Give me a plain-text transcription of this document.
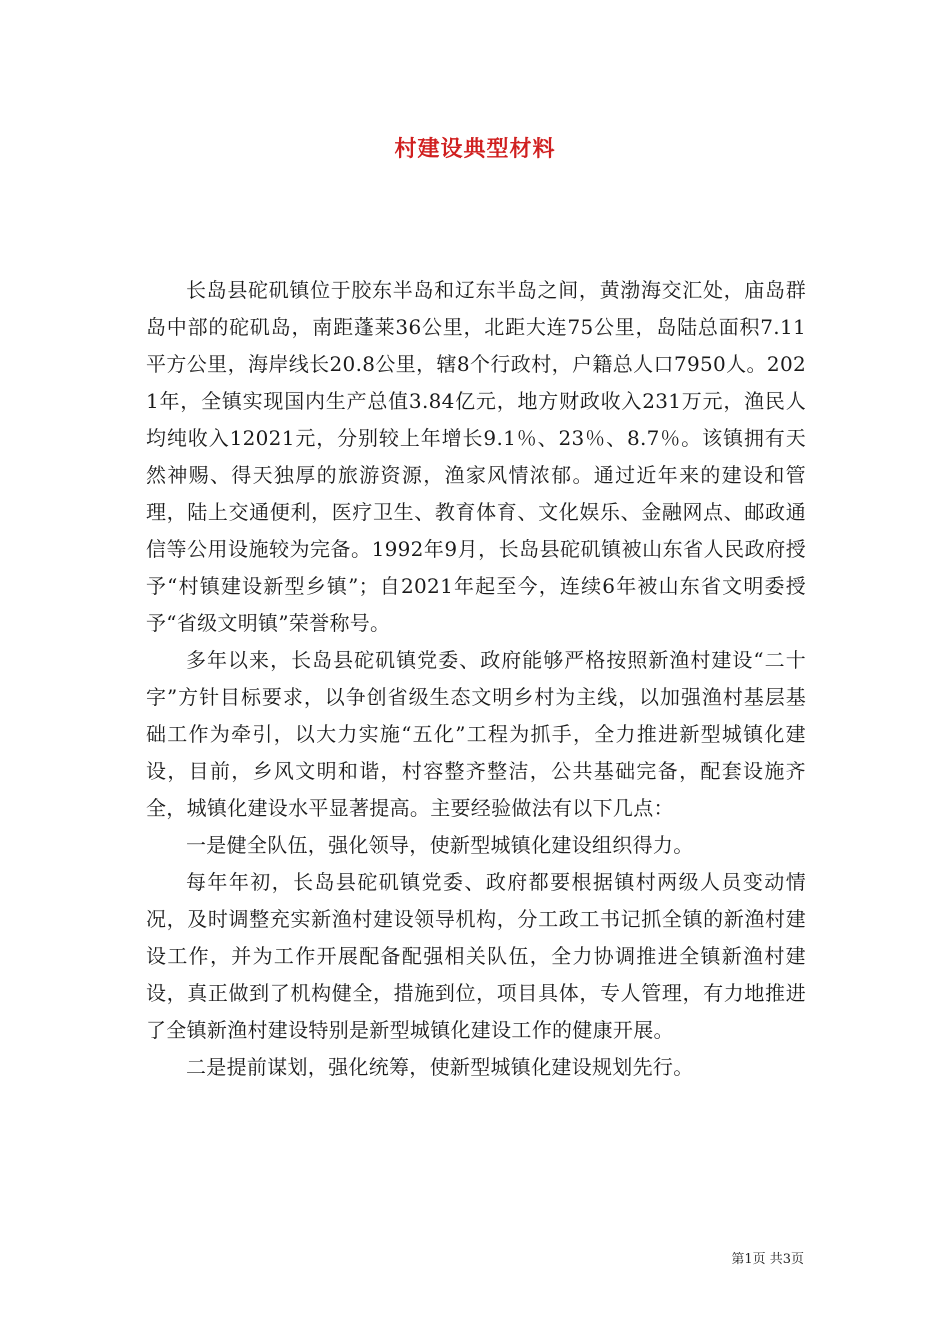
村建设典型材料

长岛县砣矶镇位于胶东半岛和辽东半岛之间，黄渤海交汇处，庙岛群岛中部的砣矶岛，南距蓬莱36公里，北距大连75公里，岛陆总面积7.11平方公里，海岸线长20.8公里，辖8个行政村，户籍总人口7950人。2021年，全镇实现国内生产总值3.84亿元，地方财政收入231万元，渔民人均纯收入12021元，分别较上年增长9.1％、23％、8.7％。该镇拥有天然神赐、得天独厚的旅游资源，渔家风情浓郁。通过近年来的建设和管理，陆上交通便利，医疗卫生、教育体育、文化娱乐、金融网点、邮政通信等公用设施较为完备。1992年9月，长岛县砣矶镇被山东省人民政府授予“村镇建设新型乡镇”；自2021年起至今，连续6年被山东省文明委授予“省级文明镇”荣誉称号。

多年以来，长岛县砣矶镇党委、政府能够严格按照新渔村建设“二十字”方针目标要求，以争创省级生态文明乡村为主线，以加强渔村基层基础工作为牵引，以大力实施“五化”工程为抓手，全力推进新型城镇化建设，目前，乡风文明和谐，村容整齐整洁，公共基础完备，配套设施齐全，城镇化建设水平显著提高。主要经验做法有以下几点：

一是健全队伍，强化领导，使新型城镇化建设组织得力。

每年年初，长岛县砣矶镇党委、政府都要根据镇村两级人员变动情况，及时调整充实新渔村建设领导机构，分工政工书记抓全镇的新渔村建设工作，并为工作开展配备配强相关队伍，全力协调推进全镇新渔村建设，真正做到了机构健全，措施到位，项目具体，专人管理，有力地推进了全镇新渔村建设特别是新型城镇化建设工作的健康开展。

二是提前谋划，强化统筹，使新型城镇化建设规划先行。

第1页 共3页
